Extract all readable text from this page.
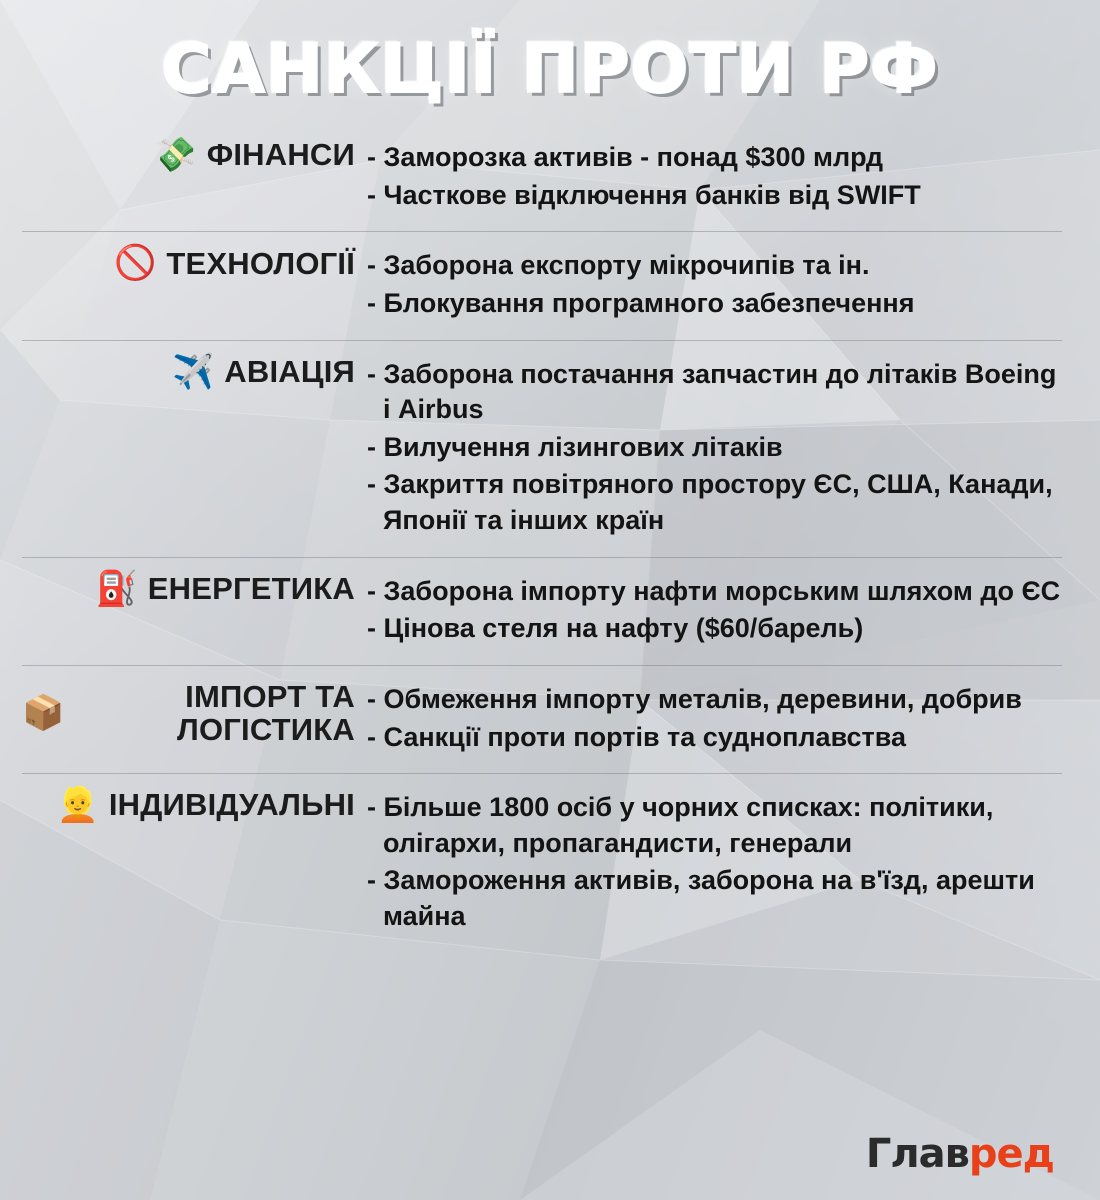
САНКЦІЇ ПРОТИ РФ
💸 ФІНАНСИ - Заморозка активів - понад $300 млрд

- Часткове відключення банків від SWIFT

🚫 ТЕХНОЛОГІЇ - Заборона експорту мікрочипів та ін.

- Блокування програмного забезпечення

✈️ АВІАЦІЯ - Заборона постачання запчастин до літаків Boeing і Airbus

- Вилучення лізингових літаків

- Закриття повітряного простору ЄС, США, Канади, Японії та інших країн

⛽ ЕНЕРГЕТИКА - Заборона імпорту нафти морським шляхом до ЄС

- Цінова стеля на нафту ($60/барель)

📦	ІМПОРТ ТА ЛОГІСТИКА

- Обмеження імпорту металів, деревини, добрив

- Санкції проти портів та судноплавства

👱 ІНДИВІДУАЛЬНІ - Більше 1800 осіб у чорних списках: політики, олігархи, пропагандисти, генерали

- Замороження активів, заборона на в'їзд, арешти майна

Главред
